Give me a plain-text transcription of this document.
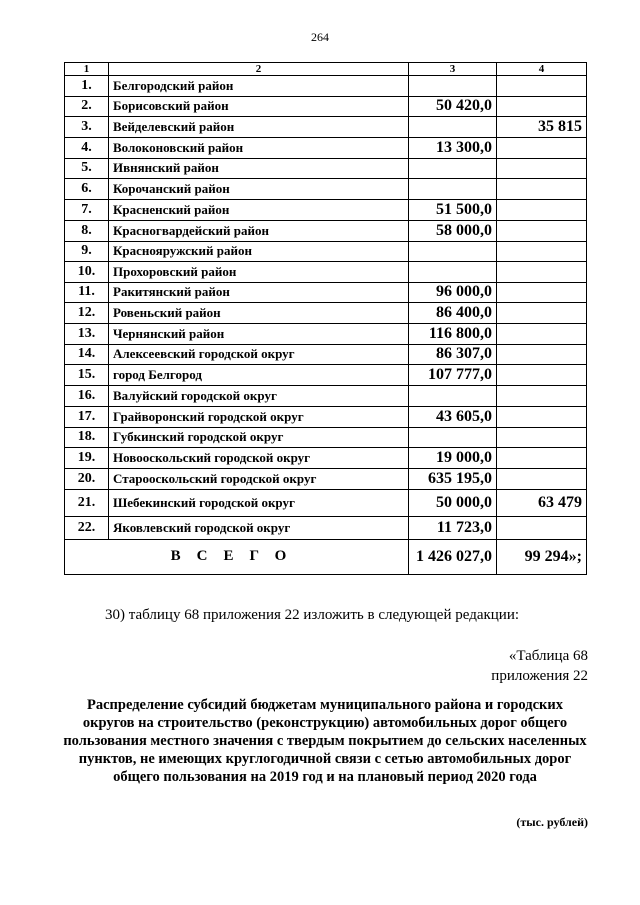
264
1	2	3	4
1.	Белгородский район		
2.	Борисовский район	50 420,0	
3.	Вейделевский район		35 815
4.	Волоконовский район	13 300,0	
5.	Ивнянский район		
6.	Корочанский район		
7.	Красненский район	51 500,0	
8.	Красногвардейский район	58 000,0	
9.	Краснояружский район		
10.	Прохоровский район		
11.	Ракитянский район	96 000,0	
12.	Ровеньский район	86 400,0	
13.	Чернянский район	116 800,0	
14.	Алексеевский городской округ	86 307,0	
15.	город Белгород	107 777,0	
16.	Валуйский городской округ		
17.	Грайворонский городской округ	43 605,0	
18.	Губкинский городской округ		
19.	Новооскольский городской округ	19 000,0	
20.	Старооскольский городской округ	635 195,0	
21.	Шебекинский городской округ	50 000,0	63 479
22.	Яковлевский городской округ	11 723,0	
ВСЕГО		1 426 027,0	99 294»;
30) таблицу 68 приложения 22 изложить в следующей редакции:
«Таблица 68
приложения 22
Распределение субсидий бюджетам муниципального района и городских округов на строительство (реконструкцию) автомобильных дорог общего пользования местного значения с твердым покрытием до сельских населенных пунктов, не имеющих круглогодичной связи с сетью автомобильных дорог общего пользования на 2019 год и на плановый период 2020 года
(тыс. рублей)
